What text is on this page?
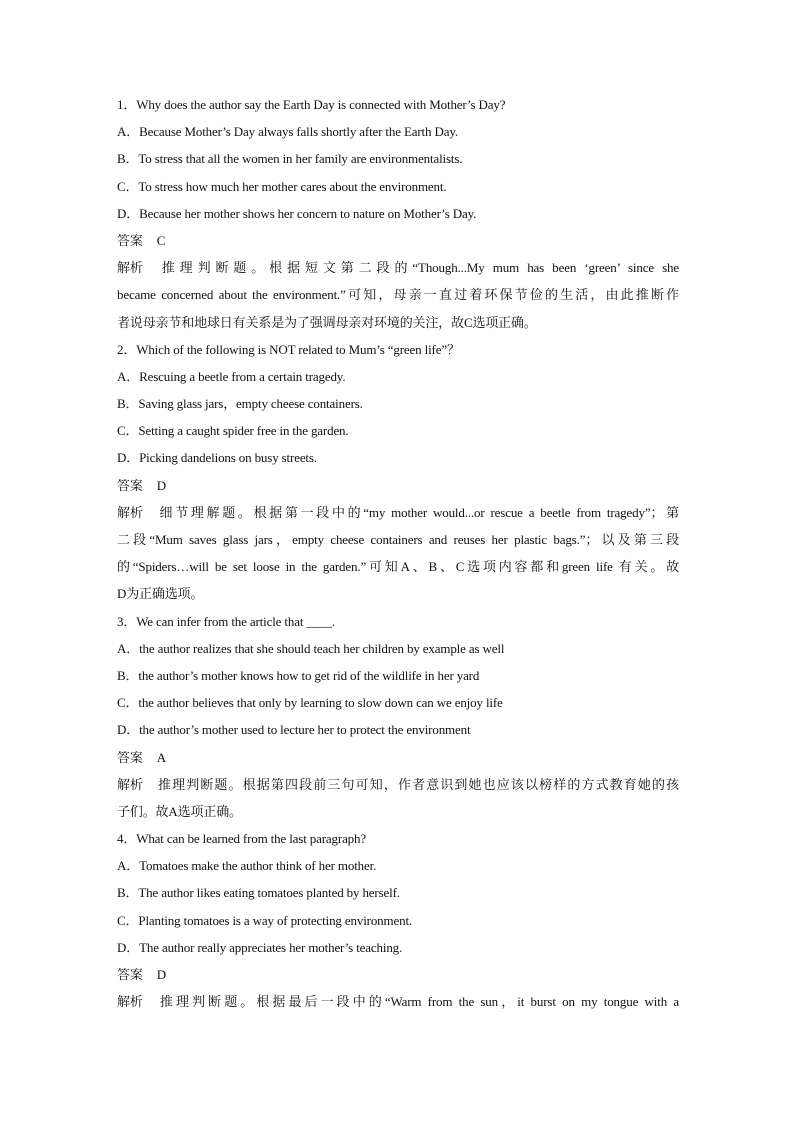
1．Why does the author say the Earth Day is connected with Mother’s Day?
A．Because Mother’s Day always falls shortly after the Earth Day.
B．To stress that all the women in her family are environmentalists.
C．To stress how much her mother cares about the environment.
D．Because her mother shows her concern to nature on Mother’s Day.
答案 C
解析 推理判断题。根据短文第二段的“Though...My mum has been ‘green’ since she
became concerned about the environment.”可知，母亲一直过着环保节俭的生活，由此推断作
者说母亲节和地球日有关系是为了强调母亲对环境的关注，故C选项正确。
2．Which of the following is NOT related to Mum’s “green life”？
A．Rescuing a beetle from a certain tragedy.
B．Saving glass jars，empty cheese containers.
C．Setting a caught spider free in the garden.
D．Picking dandelions on busy streets.
答案 D
解析 细节理解题。根据第一段中的“my mother would...or rescue a beetle from tragedy”；第
二段“Mum saves glass jars，empty cheese containers and reuses her plastic bags.”；以及第三段
的“Spiders…will be set loose in the garden.”可知A、B、C选项内容都和green life 有关。故
D为正确选项。
3．We can infer from the article that ____.
A．the author realizes that she should teach her children by example as well
B．the author’s mother knows how to get rid of the wildlife in her yard
C．the author believes that only by learning to slow down can we enjoy life
D．the author’s mother used to lecture her to protect the environment
答案 A
解析 推理判断题。根据第四段前三句可知，作者意识到她也应该以榜样的方式教育她的孩
子们。故A选项正确。
4．What can be learned from the last paragraph?
A．Tomatoes make the author think of her mother.
B．The author likes eating tomatoes planted by herself.
C．Planting tomatoes is a way of protecting environment.
D．The author really appreciates her mother’s teaching.
答案 D
解析 推理判断题。根据最后一段中的“Warm from the sun，it burst on my tongue with a
